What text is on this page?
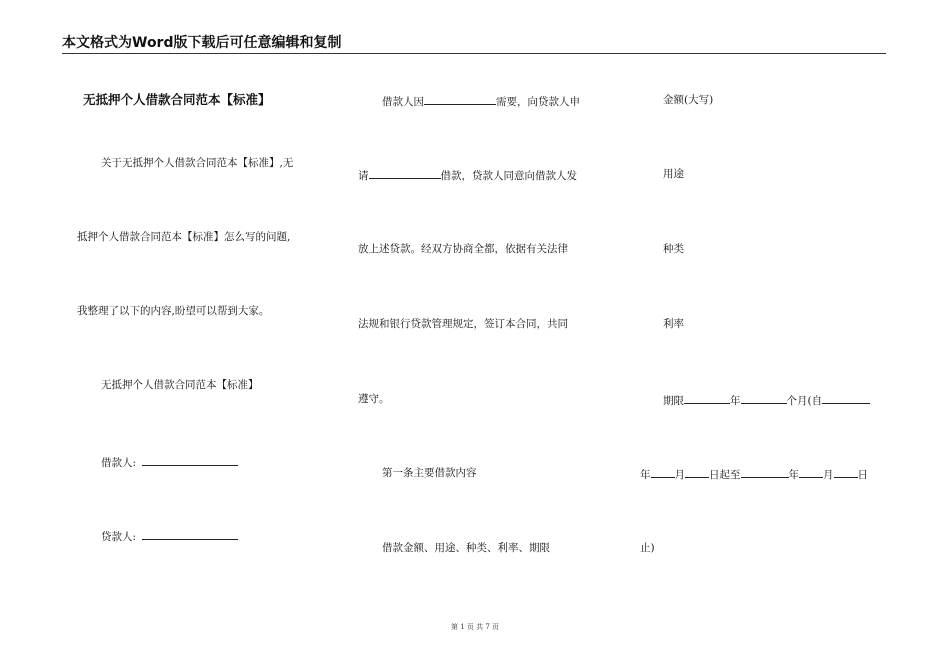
本文格式为Word版下载后可任意编辑和复制
无抵押个人借款合同范本【标准】
关于无抵押个人借款合同范本【标准】,无
抵押个人借款合同范本【标准】怎么写的问题,
我整理了以下的内容,盼望可以帮到大家。
无抵押个人借款合同范本【标准】
借款人:
贷款人:
借款人因	需要，向贷款人申
请	借款，贷款人同意向借款人发
放上述贷款。经双方协商全都，依据有关法律
法规和银行贷款管理规定，签订本合同，共同
遵守。
第一条主要借款内容
借款金额、用途、种类、利率、期限
金额(大写)
用途
种类
利率
期限	年	个月(自
年 月 日起至	年 月 日
止)
第 1 页 共 7 页
